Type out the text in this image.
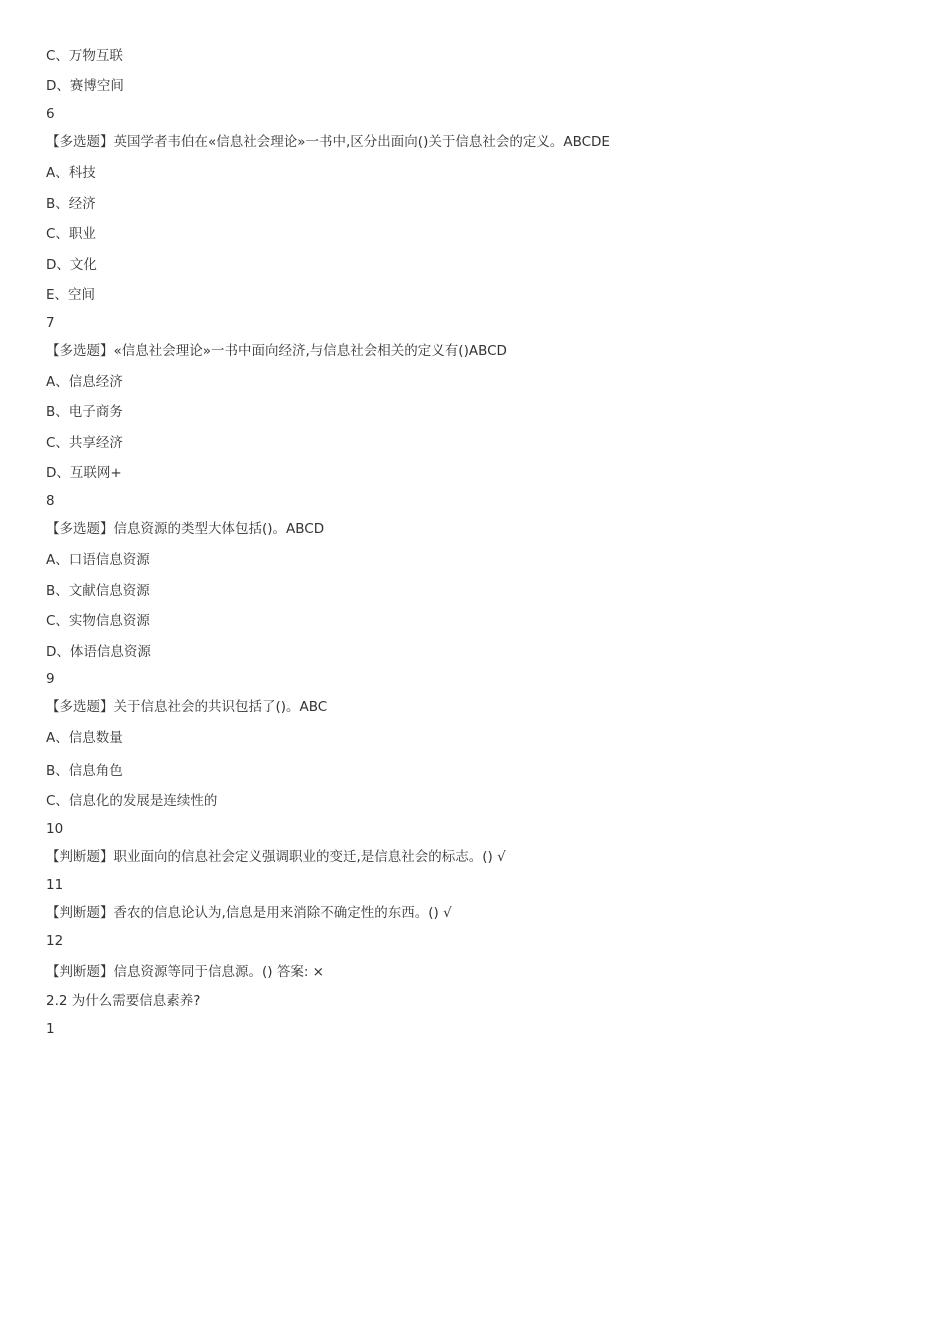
C、万物互联
D、赛博空间
6
【多选题】英国学者韦伯在«信息社会理论»一书中,区分出面向()关于信息社会的定义。ABCDE
A、科技
B、经济
C、职业
D、文化
E、空间
7
【多选题】«信息社会理论»一书中面向经济,与信息社会相关的定义有()ABCD
A、信息经济
B、电子商务
C、共享经济
D、互联网+
8
【多选题】信息资源的类型大体包括()。ABCD
A、口语信息资源
B、文献信息资源
C、实物信息资源
D、体语信息资源
9
【多选题】关于信息社会的共识包括了()。ABC
A、信息数量
B、信息角色
C、信息化的发展是连续性的
10
【判断题】职业面向的信息社会定义强调职业的变迁,是信息社会的标志。() √
11
【判断题】香农的信息论认为,信息是用来消除不确定性的东西。() √
12
【判断题】信息资源等同于信息源。() 答案: ×
2.2 为什么需要信息素养?
1
